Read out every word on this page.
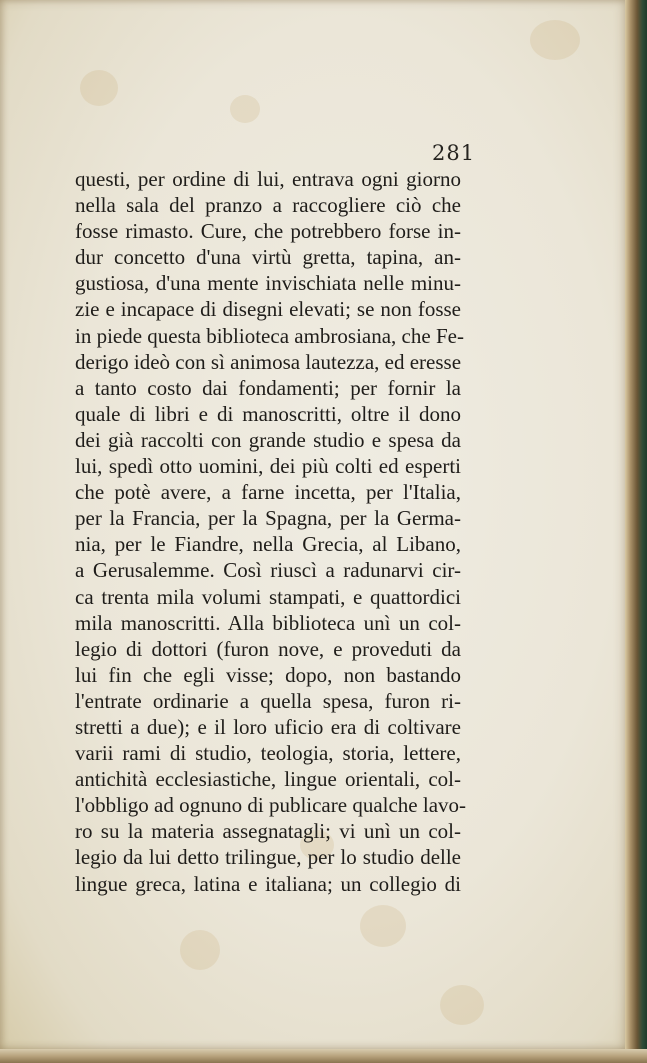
281
questi, per ordine di lui, entrava ogni giorno
nella sala del pranzo a raccogliere ciò che
fosse rimasto. Cure, che potrebbero forse in-
dur concetto d'una virtù gretta, tapina, an-
gustiosa, d'una mente invischiata nelle minu-
zie e incapace di disegni elevati; se non fosse
in piede questa biblioteca ambrosiana, che Fe-
derigo ideò con sì animosa lautezza, ed eresse
a tanto costo dai fondamenti; per fornir la
quale di libri e di manoscritti, oltre il dono
dei già raccolti con grande studio e spesa da
lui, spedì otto uomini, dei più colti ed esperti
che potè avere, a farne incetta, per l'Italia,
per la Francia, per la Spagna, per la Germa-
nia, per le Fiandre, nella Grecia, al Libano,
a Gerusalemme. Così riuscì a radunarvi cir-
ca trenta mila volumi stampati, e quattordici
mila manoscritti. Alla biblioteca unì un col-
legio di dottori (furon nove, e proveduti da
lui fin che egli visse; dopo, non bastando
l'entrate ordinarie a quella spesa, furon ri-
stretti a due); e il loro uficio era di coltivare
varii rami di studio, teologia, storia, lettere,
antichità ecclesiastiche, lingue orientali, col-
l'obbligo ad ognuno di publicare qualche lavo-
ro su la materia assegnatagli; vi unì un col-
legio da lui detto trilingue, per lo studio delle
lingue greca, latina e italiana; un collegio di
